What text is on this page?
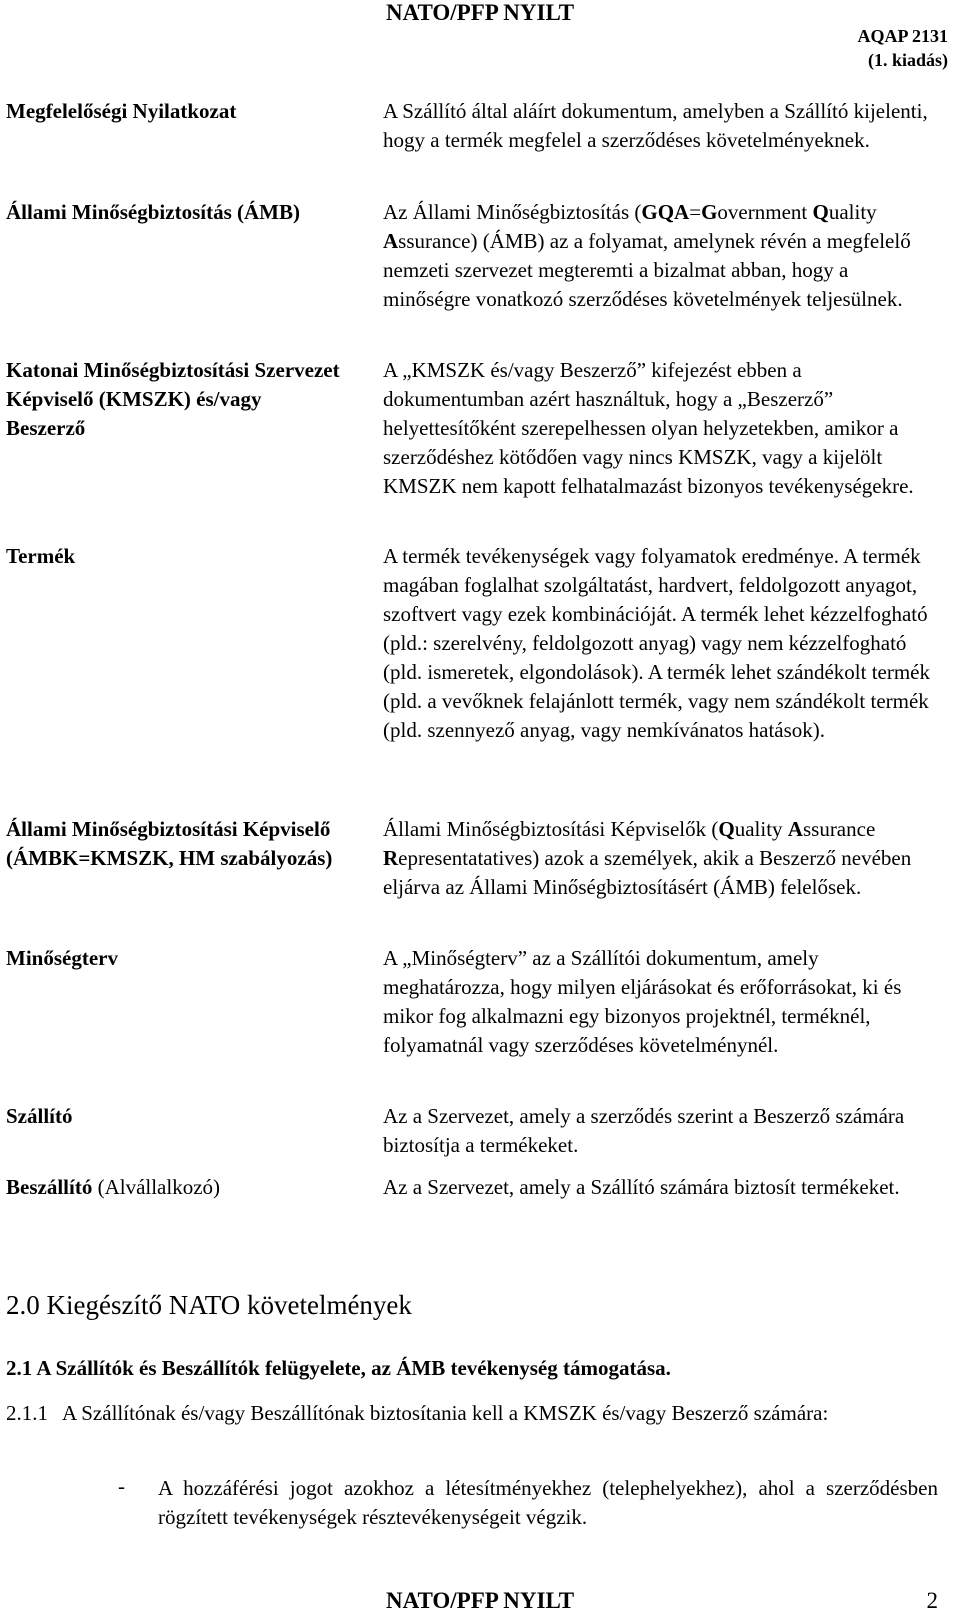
NATO/PFP NYILT
AQAP 2131
(1. kiadás)
Megfelelőségi Nyilatkozat
Állami Minőségbiztosítás (ÁMB)
Katonai Minőségbiztosítási Szervezet Képviselő (KMSZK) és/vagy Beszerző
Termék
Állami Minőségbiztosítási Képviselő (ÁMBK=KMSZK, HM szabályozás)
Minőségterv
Szállító
Beszállító (Alvállalkozó)
A Szállító által aláírt dokumentum, amelyben a Szállító kijelenti, hogy a termék megfelel a szerződéses követelményeknek.
Az Állami Minőségbiztosítás (GQA=Government Quality Assurance) (ÁMB) az a folyamat, amelynek révén a megfelelő nemzeti szervezet megteremti a bizalmat abban, hogy a minőségre vonatkozó szerződéses követelmények teljesülnek.
A „KMSZK és/vagy Beszerző” kifejezést ebben a dokumentumban azért használtuk, hogy a „Beszerző” helyettesítőként szerepelhessen olyan helyzetekben, amikor a szerződéshez kötődően vagy nincs KMSZK, vagy a kijelölt KMSZK nem kapott felhatalmazást bizonyos tevékenységekre.
A termék tevékenységek vagy folyamatok eredménye. A termék magában foglalhat szolgáltatást, hardvert, feldolgozott anyagot, szoftvert vagy ezek kombinációját. A termék lehet kézzelfogható (pld.: szerelvény, feldolgozott anyag) vagy nem kézzelfogható (pld. ismeretek, elgondolások). A termék lehet szándékolt termék (pld. a vevőknek felajánlott termék, vagy nem szándékolt termék (pld. szennyező anyag, vagy nemkívánatos hatások).
Állami Minőségbiztosítási Képviselők (Quality Assurance Representatatives) azok a személyek, akik a Beszerző nevében eljárva az Állami Minőségbiztosításért (ÁMB) felelősek.
A „Minőségterv” az a Szállítói dokumentum, amely meghatározza, hogy milyen eljárásokat és erőforrásokat, ki és mikor fog alkalmazni egy bizonyos projektnél, terméknél, folyamatnál vagy szerződéses követelménynél.
Az a Szervezet, amely a szerződés szerint a Beszerző számára biztosítja a termékeket.
Az a Szervezet, amely a Szállító számára biztosít termékeket.
2.0 Kiegészítő NATO követelmények
2.1 A Szállítók és Beszállítók felügyelete, az ÁMB tevékenység támogatása.
2.1.1 A Szállítónak és/vagy Beszállítónak biztosítania kell a KMSZK és/vagy Beszerző számára:
- A hozzáférési jogot azokhoz a létesítményekhez (telephelyekhez), ahol a szerződésben rögzített tevékenységek résztevékenységeit végzik.
NATO/PFP NYILT	2
